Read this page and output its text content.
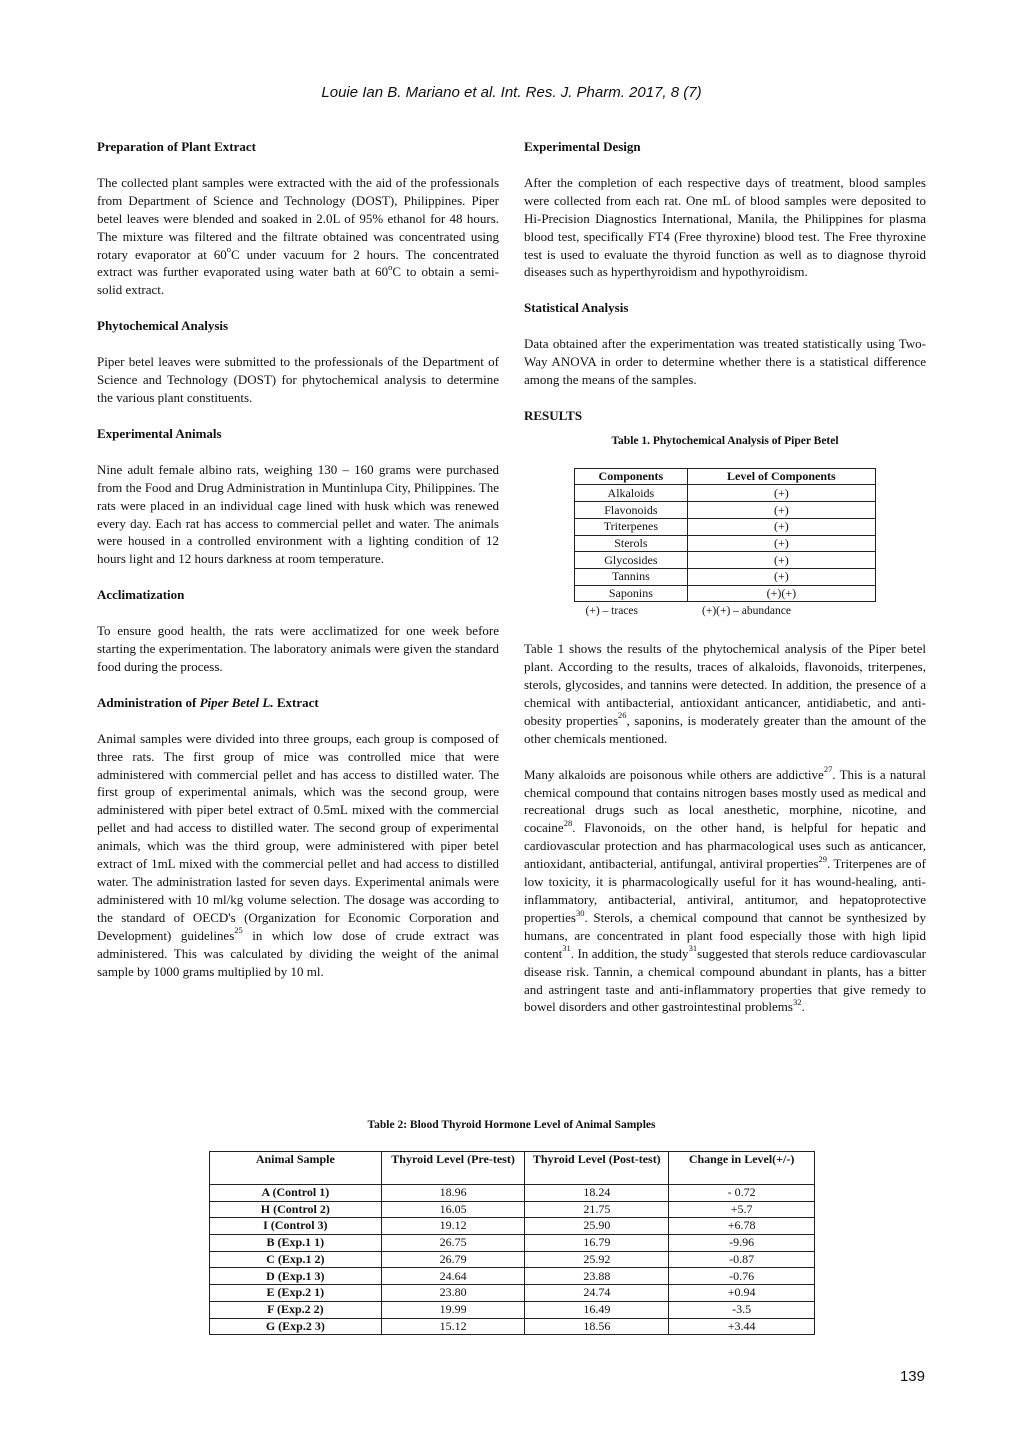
Louie Ian B. Mariano et al. Int. Res. J. Pharm. 2017, 8 (7)
Preparation of Plant Extract
The collected plant samples were extracted with the aid of the professionals from Department of Science and Technology (DOST), Philippines. Piper betel leaves were blended and soaked in 2.0L of 95% ethanol for 48 hours. The mixture was filtered and the filtrate obtained was concentrated using rotary evaporator at 60$^o$C under vacuum for 2 hours. The concentrated extract was further evaporated using water bath at 60$^o$C to obtain a semi-solid extract.
Phytochemical Analysis
Piper betel leaves were submitted to the professionals of the Department of Science and Technology (DOST) for phytochemical analysis to determine the various plant constituents.
Experimental Animals
Nine adult female albino rats, weighing 130 – 160 grams were purchased from the Food and Drug Administration in Muntinlupa City, Philippines. The rats were placed in an individual cage lined with husk which was renewed every day. Each rat has access to commercial pellet and water. The animals were housed in a controlled environment with a lighting condition of 12 hours light and 12 hours darkness at room temperature.
Acclimatization
To ensure good health, the rats were acclimatized for one week before starting the experimentation. The laboratory animals were given the standard food during the process.
Administration of Piper Betel L. Extract
Animal samples were divided into three groups, each group is composed of three rats. The first group of mice was controlled mice that were administered with commercial pellet and has access to distilled water. The first group of experimental animals, which was the second group, were administered with piper betel extract of 0.5mL mixed with the commercial pellet and had access to distilled water. The second group of experimental animals, which was the third group, were administered with piper betel extract of 1mL mixed with the commercial pellet and had access to distilled water. The administration lasted for seven days. Experimental animals were administered with 10 ml/kg volume selection. The dosage was according to the standard of OECD's (Organization for Economic Corporation and Development) guidelines$^{25}$ in which low dose of crude extract was administered. This was calculated by dividing the weight of the animal sample by 1000 grams multiplied by 10 ml.
Experimental Design
After the completion of each respective days of treatment, blood samples were collected from each rat. One mL of blood samples were deposited to Hi-Precision Diagnostics International, Manila, the Philippines for plasma blood test, specifically FT4 (Free thyroxine) blood test. The Free thyroxine test is used to evaluate the thyroid function as well as to diagnose thyroid diseases such as hyperthyroidism and hypothyroidism.
Statistical Analysis
Data obtained after the experimentation was treated statistically using Two-Way ANOVA in order to determine whether there is a statistical difference among the means of the samples.
RESULTS
Table 1. Phytochemical Analysis of Piper Betel
Components	Level of Components
Alkaloids	(+)
Flavonoids	(+)
Triterpenes	(+)
Sterols	(+)
Glycosides	(+)
Tannins	(+)
Saponins	(+)(+)
(+) – traces	(+)(+) – abundance
Table 1 shows the results of the phytochemical analysis of the Piper betel plant. According to the results, traces of alkaloids, flavonoids, triterpenes, sterols, glycosides, and tannins were detected. In addition, the presence of a chemical with antibacterial, antioxidant anticancer, antidiabetic, and anti-obesity properties$^{26}$, saponins, is moderately greater than the amount of the other chemicals mentioned.
Many alkaloids are poisonous while others are addictive$^{27}$. This is a natural chemical compound that contains nitrogen bases mostly used as medical and recreational drugs such as local anesthetic, morphine, nicotine, and cocaine$^{28}$. Flavonoids, on the other hand, is helpful for hepatic and cardiovascular protection and has pharmacological uses such as anticancer, antioxidant, antibacterial, antifungal, antiviral properties$^{29}$. Triterpenes are of low toxicity, it is pharmacologically useful for it has wound-healing, anti-inflammatory, antibacterial, antiviral, antitumor, and hepatoprotective properties$^{30}$. Sterols, a chemical compound that cannot be synthesized by humans, are concentrated in plant food especially those with high lipid content$^{31}$. In addition, the study$^{31}$suggested that sterols reduce cardiovascular disease risk. Tannin, a chemical compound abundant in plants, has a bitter and astringent taste and anti-inflammatory properties that give remedy to bowel disorders and other gastrointestinal problems$^{32}$.
Table 2: Blood Thyroid Hormone Level of Animal Samples
Animal Sample	Thyroid Level (Pre-test)	Thyroid Level (Post-test)	Change in Level(+/-)
A (Control 1)	18.96	18.24	- 0.72
H (Control 2)	16.05	21.75	+5.7
I (Control 3)	19.12	25.90	+6.78
B (Exp.1 1)	26.75	16.79	-9.96
C (Exp.1 2)	26.79	25.92	-0.87
D (Exp.1 3)	24.64	23.88	-0.76
E (Exp.2 1)	23.80	24.74	+0.94
F (Exp.2 2)	19.99	16.49	-3.5
G (Exp.2 3)	15.12	18.56	+3.44
139
